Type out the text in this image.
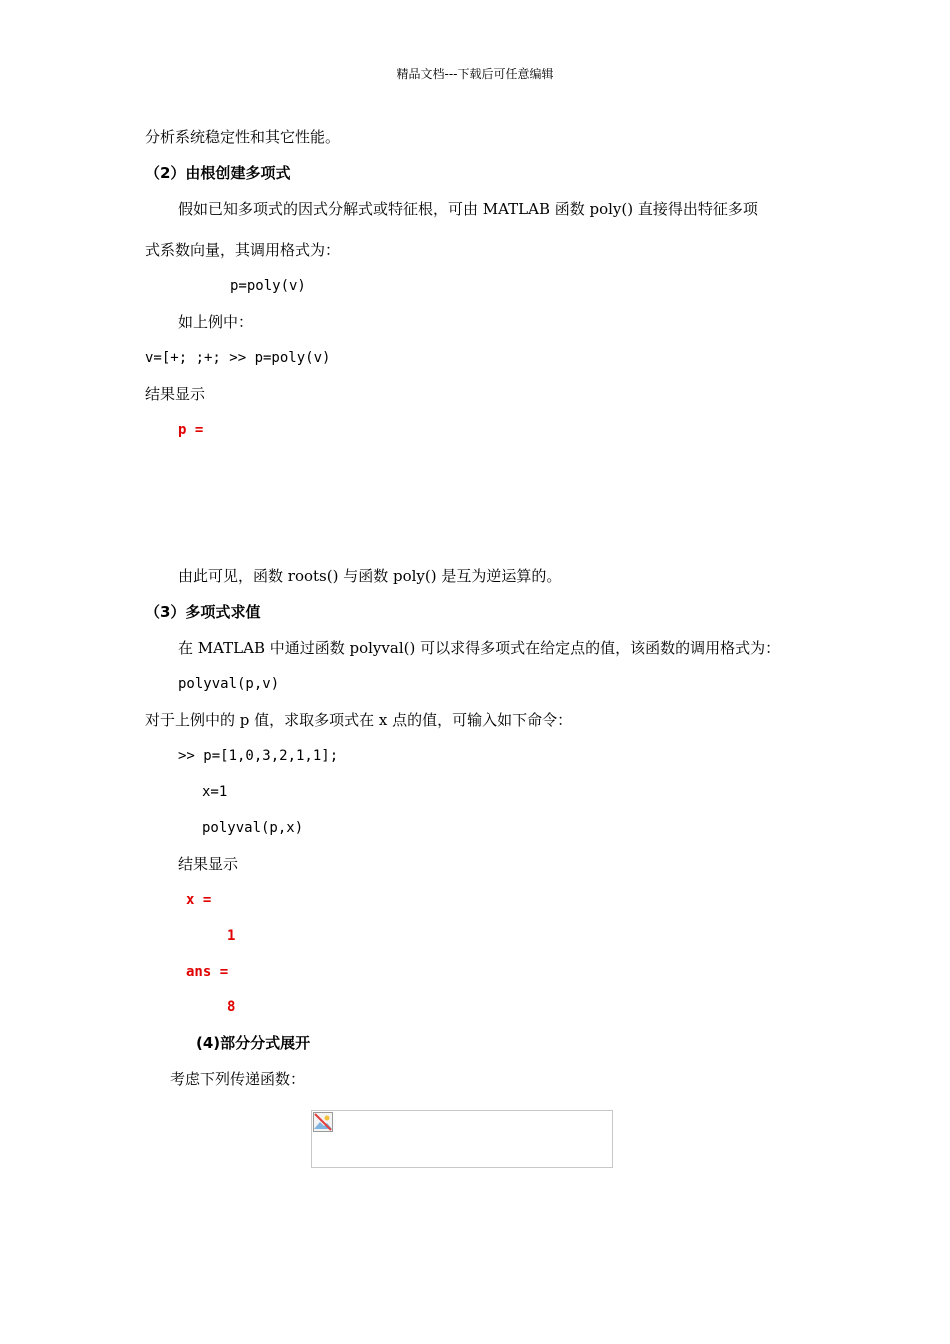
精品文档---下载后可任意编辑
分析系统稳定性和其它性能。
（2）由根创建多项式
假如已知多项式的因式分解式或特征根，可由 MATLAB 函数 poly() 直接得出特征多项
式系数向量，其调用格式为：
p=poly(v)
如上例中：
v=[+; ;+; >> p=poly(v)
结果显示
p =
由此可见，函数 roots() 与函数 poly() 是互为逆运算的。
（3）多项式求值
在 MATLAB 中通过函数 polyval() 可以求得多项式在给定点的值，该函数的调用格式为：
polyval(p,v)
对于上例中的 p 值，求取多项式在 x 点的值，可输入如下命令：
>> p=[1,0,3,2,1,1];
x=1
polyval(p,x)
结果显示
x =
1
ans =
8
(4)部分分式展开
考虑下列传递函数：
